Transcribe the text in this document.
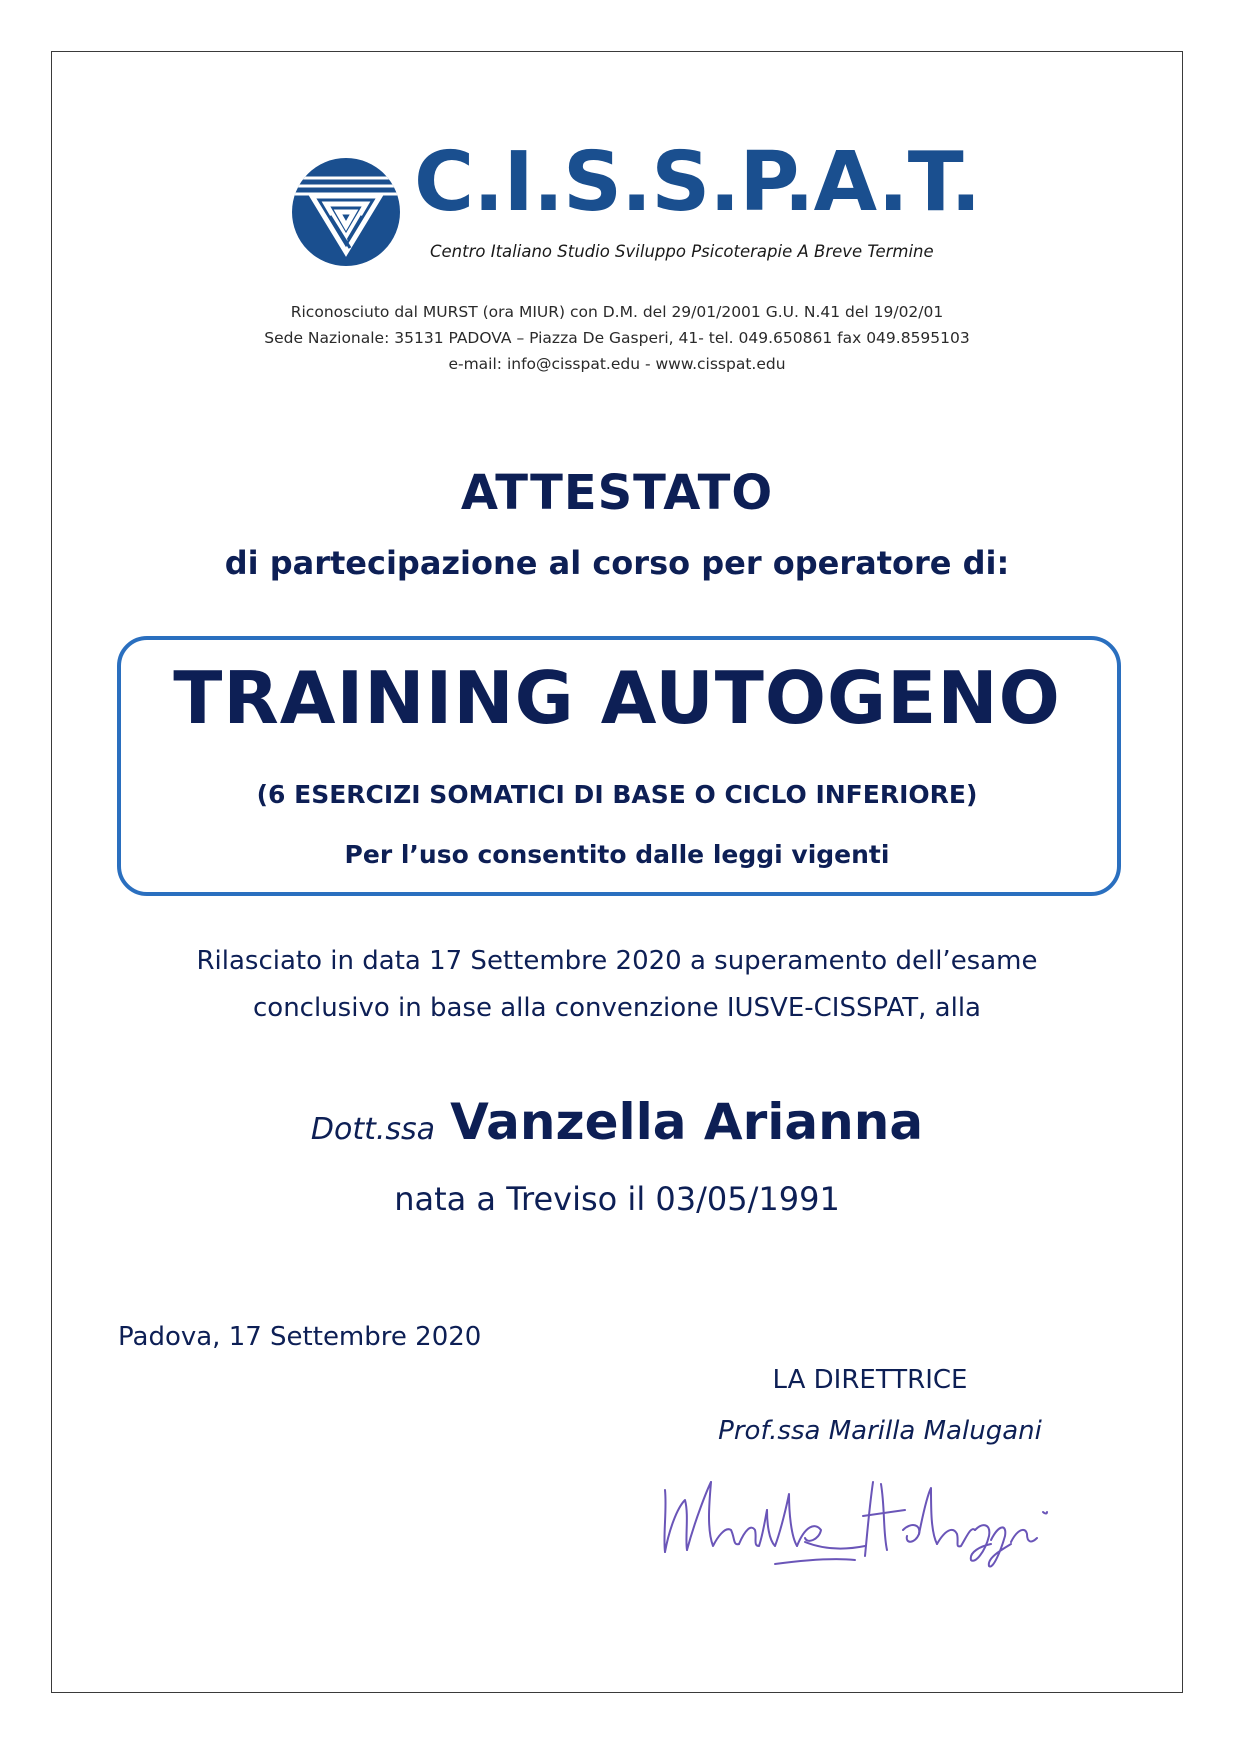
C.I.S.S.P.A.T.
Centro Italiano Studio Sviluppo Psicoterapie A Breve Termine
Riconosciuto dal MURST (ora MIUR) con D.M. del 29/01/2001 G.U. N.41 del 19/02/01
Sede Nazionale: 35131 PADOVA – Piazza De Gasperi, 41- tel. 049.650861 fax 049.8595103
e-mail: info@cisspat.edu - www.cisspat.edu
ATTESTATO
di partecipazione al corso per operatore di:
TRAINING AUTOGENO
(6 ESERCIZI SOMATICI DI BASE O CICLO INFERIORE)
Per l’uso consentito dalle leggi vigenti
Rilasciato in data 17 Settembre 2020 a superamento dell’esame
conclusivo in base alla convenzione IUSVE-CISSPAT, alla
Dott.ssa Vanzella Arianna
nata a Treviso il 03/05/1991
Padova, 17 Settembre 2020
LA DIRETTRICE
Prof.ssa Marilla Malugani
